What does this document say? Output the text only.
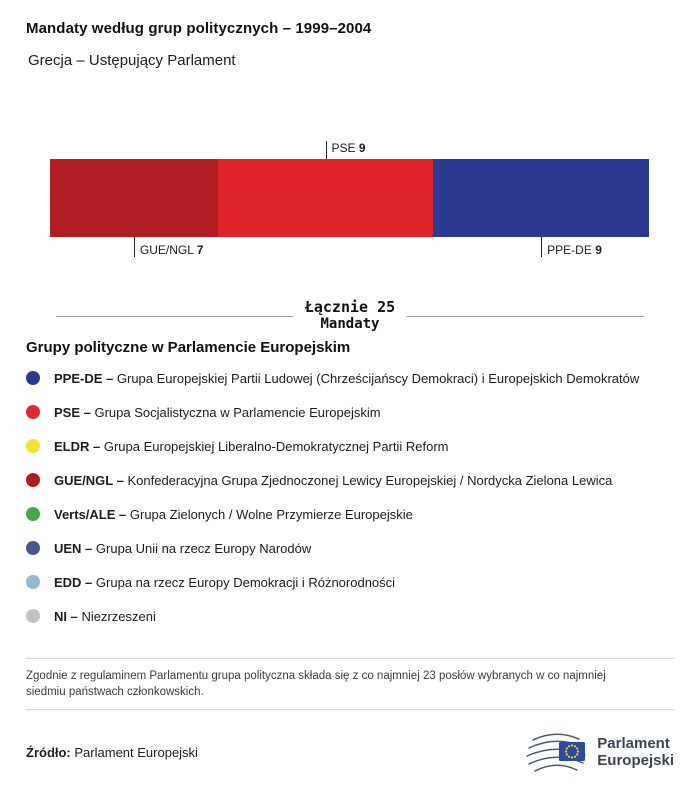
Mandaty według grup politycznych – 1999–2004
Grecja – Ustępujący Parlament
GUE/NGL 7
PSE 9
PPE-DE 9
Łącznie 25
Mandaty
Grupy polityczne w Parlamencie Europejskim
PPE-DE – Grupa Europejskiej Partii Ludowej (Chrześcijańscy Demokraci) i Europejskich Demokratów
PSE – Grupa Socjalistyczna w Parlamencie Europejskim
ELDR – Grupa Europejskiej Liberalno-Demokratycznej Partii Reform
GUE/NGL – Konfederacyjna Grupa Zjednoczonej Lewicy Europejskiej / Nordycka Zielona Lewica
Verts/ALE – Grupa Zielonych / Wolne Przymierze Europejskie
UEN – Grupa Unii na rzecz Europy Narodów
EDD – Grupa na rzecz Europy Demokracji i Różnorodności
NI – Niezrzeszeni
Zgodnie z regulaminem Parlamentu grupa polityczna składa się z co najmniej 23 posłów wybranych w co najmniej siedmiu państwach członkowskich.
Źródło: Parlament Europejski	Parlament
Europejski
